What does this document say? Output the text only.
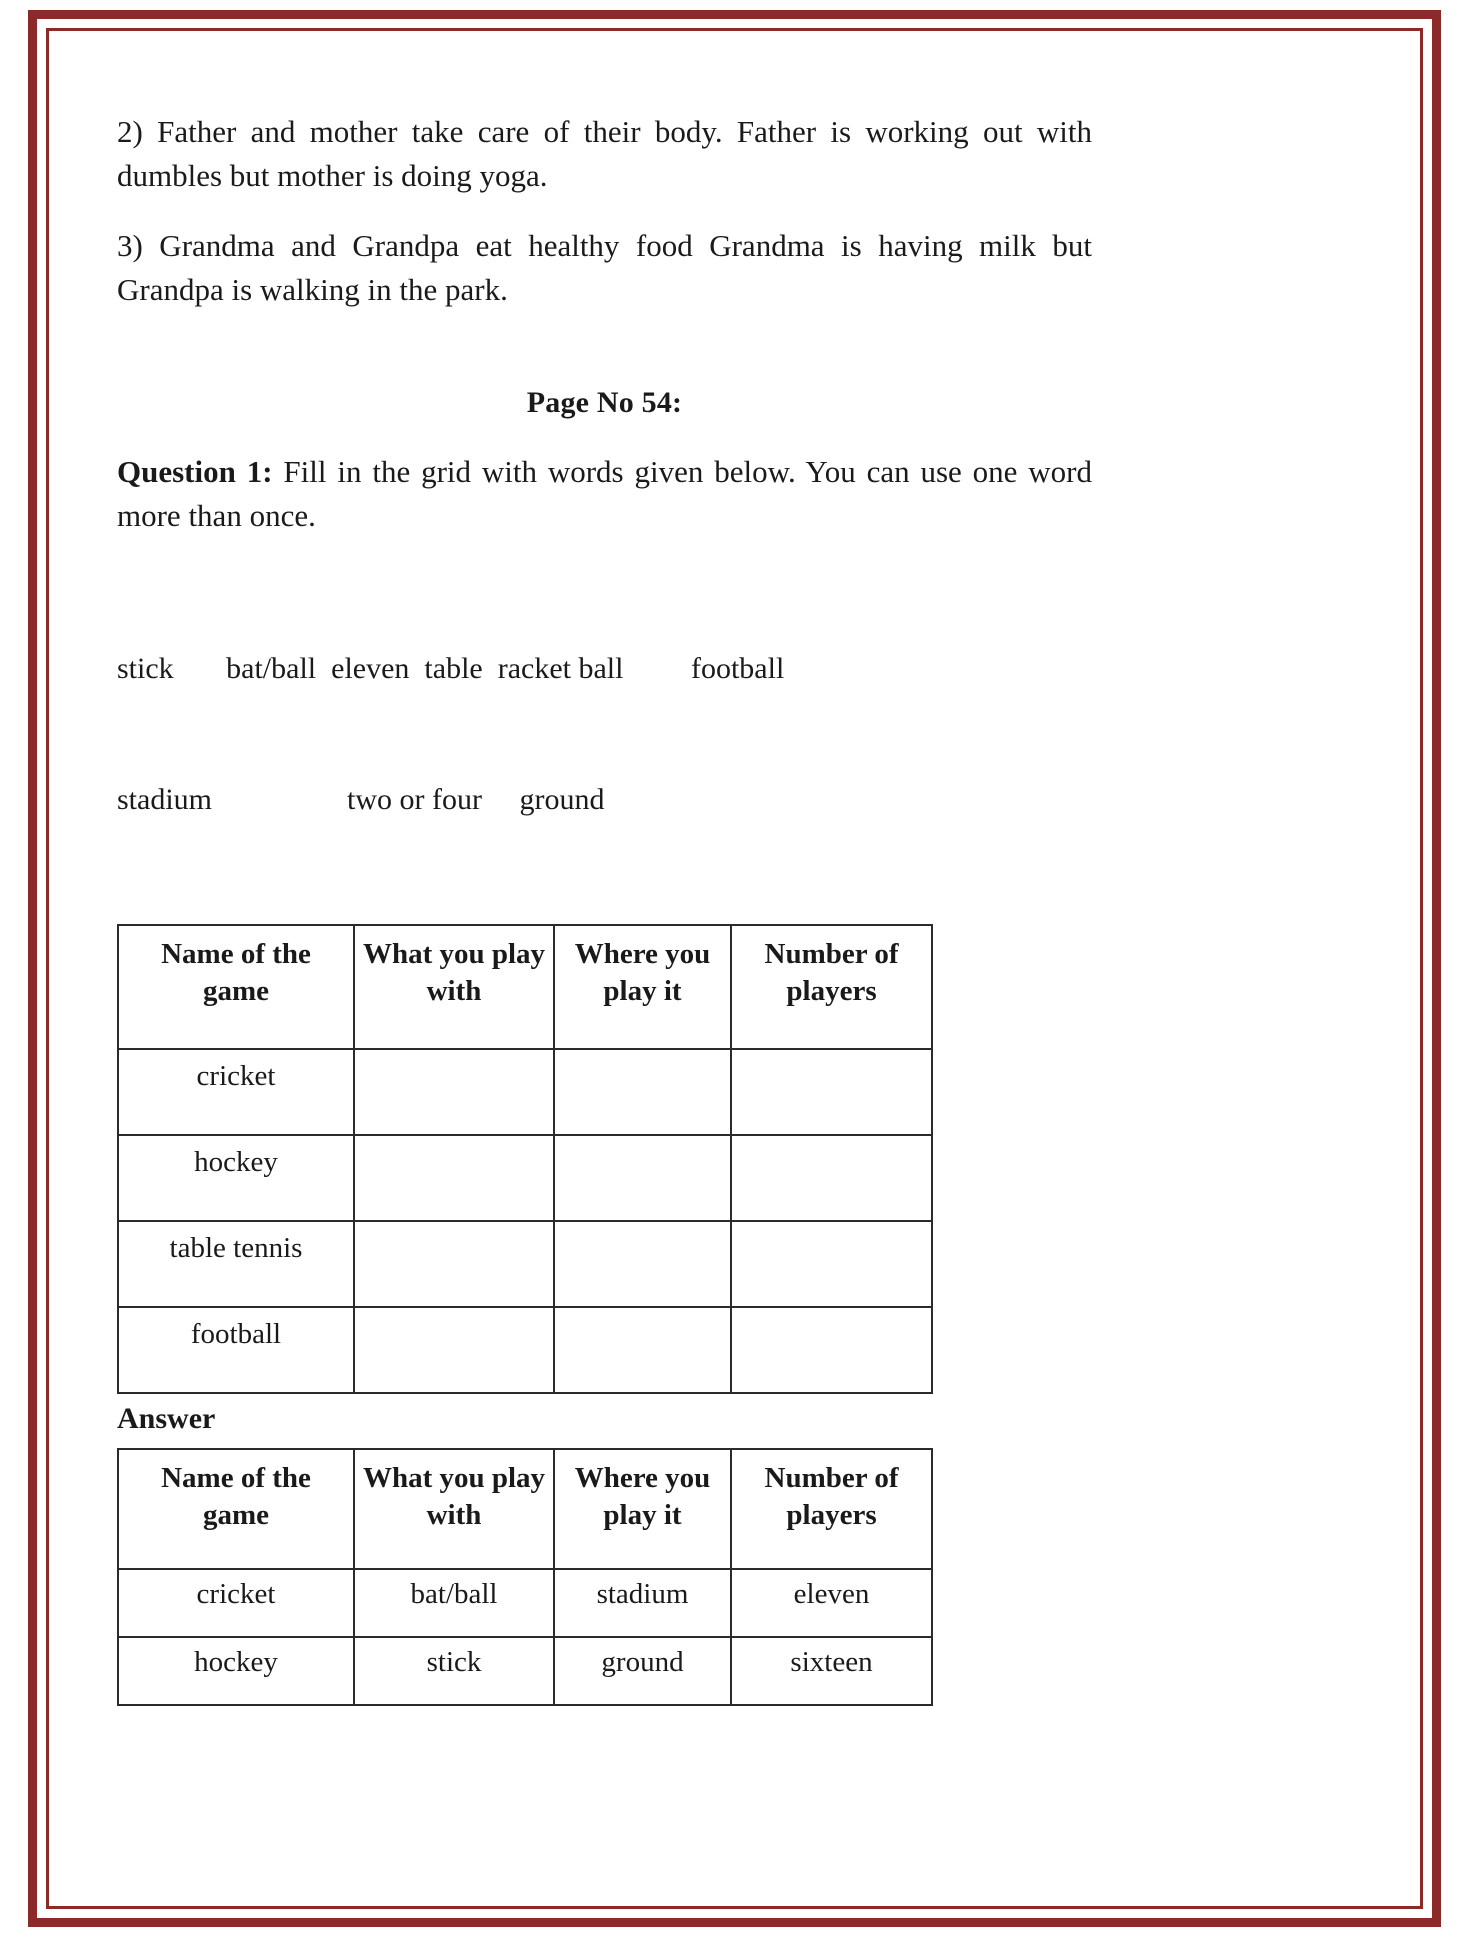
2) Father and mother take care of their body. Father is working out with dumbles but mother is doing yoga.

3) Grandma and Grandpa eat healthy food Grandma is having milk but Grandpa is walking in the park.

Page No 54:

Question 1: Fill in the grid with words given below. You can use one word more than once.

stick       bat/ball  eleven  table  racket ball         football

stadium                  two or four     ground

Name of the game	What you play with	Where you play it	Number of players
cricket			
hockey			
table tennis			
football			
Answer
Name of the game	What you play with	Where you play it	Number of players
cricket	bat/ball	stadium	eleven
hockey	stick	ground	sixteen
